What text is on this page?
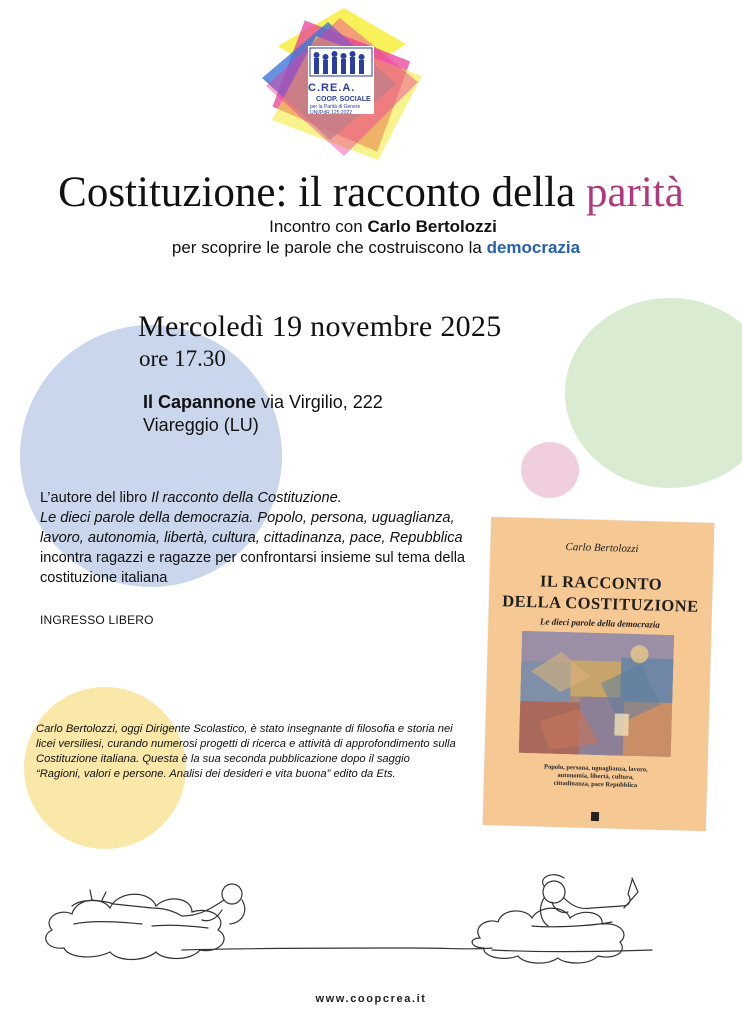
C.RE.A.
COOP. SOCIALE
per la Parità di Genere UNI/PdR 125:2022
Costituzione: il racconto della parità
Incontro con Carlo Bertolozzi
per scoprire le parole che costruiscono la democrazia
Mercoledì 19 novembre 2025
ore 17.30
Il Capannone via Virgilio, 222
Viareggio (LU)
L’autore del libro Il racconto della Costituzione.
Le dieci parole della democrazia. Popolo, persona, uguaglianza, lavoro, autonomia, libertà, cultura, cittadinanza, pace, Repubblica incontra ragazzi e ragazze per confrontarsi insieme sul tema della costituzione italiana
INGRESSO LIBERO
Carlo Bertolozzi, oggi Dirigente Scolastico, è stato insegnante di filosofia e storia nei licei versiliesi, curando numerosi progetti di ricerca e attività di approfondimento sulla Costituzione italiana. Questa è la sua seconda pubblicazione dopo il saggio “Ragioni, valori e persone. Analisi dei desideri e vita buona” edito da Ets.
Carlo Bertolozzi
IL RACCONTO
DELLA COSTITUZIONE
Le dieci parole della democrazia
Popolo, persona, uguaglianza, lavoro, autonomia, libertà, cultura, cittadinanza, pace Repubblica
www.coopcrea.it
